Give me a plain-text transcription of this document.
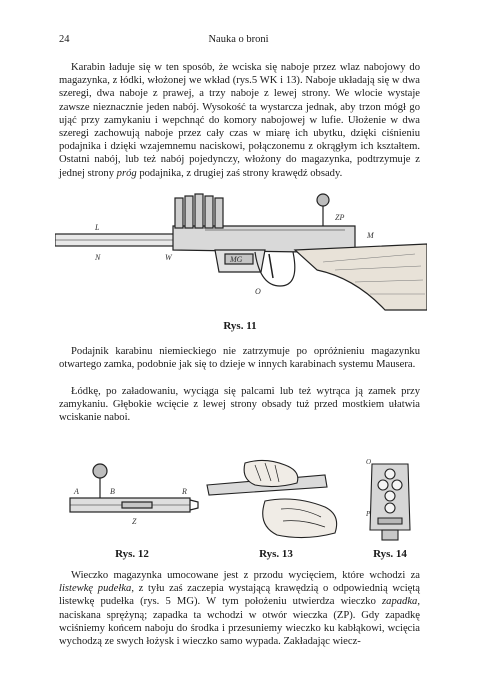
24	Nauka o broni

Karabin ładuje się w ten sposób, że wciska się naboje przez wlaz nabojowy do magazynka, z łódki, włożonej we wkład (rys.5 WK i 13). Naboje układają się w dwa szeregi, dwa naboje z prawej, a trzy naboje z lewej strony. We wlocie wystaje zawsze nieznacznie jeden nabój. Wysokość ta wystarcza jednak, aby trzon mógł go ująć przy zamykaniu i wepchnąć do komory nabojowej w lufie. Ułożenie w dwa szeregi zachowują naboje przez cały czas w miarę ich ubytku, dzięki ciśnieniu podajnika i dzięki wzajemnemu naciskowi, połączonemu z okrągłym ich kształtem. Ostatni nabój, lub też nabój pojedynczy, włożony do magazynka, podtrzymuje z jednej strony próg podajnika, z drugiej zaś strony krawędź obsady.

L
N	W	MG
ZP
O
M
Rys. 11

Podajnik karabinu niemieckiego nie zatrzymuje po opróżnieniu magazynku otwartego zamka, podobnie jak się to dzieje w innych karabinach systemu Mausera.

Łódkę, po załadowaniu, wyciąga się palcami lub też wytrąca ją zamek przy zamykaniu. Głębokie wcięcie z lewej strony obsady tuż przed mostkiem ułatwia wciskanie naboi.

A	B
Z
R
Rys. 12	Rys. 13
O
P
Rys. 14

Wieczko magazynka umocowane jest z przodu wycięciem, które wchodzi za listewkę pudełka, z tyłu zaś zaczepia wystającą krawędzią o odpowiednią wciętą listewkę pudełka (rys. 5 MG). W tym położeniu utwierdza wieczko zapadka, naciskana sprężyną; zapadka ta wchodzi w otwór wieczka (ZP). Gdy zapadkę wciśniemy końcem naboju do środka i przesuniemy wieczko ku kabłąkowi, wcięcia wychodzą ze swych łożysk i wieczko samo wypada. Zakładając wiecz-
